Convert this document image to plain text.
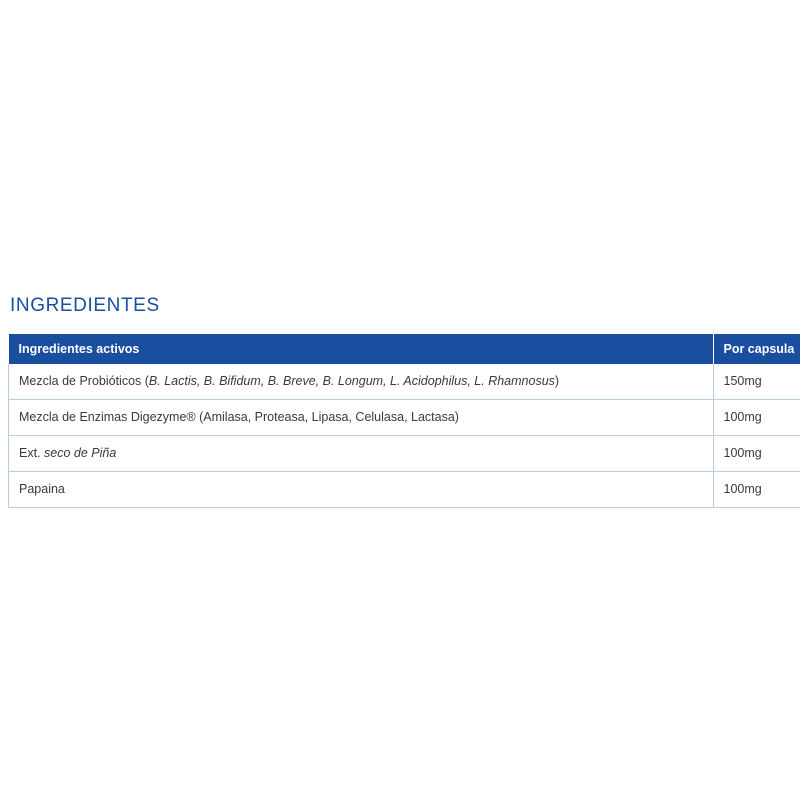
INGREDIENTES
Ingredientes activos	Por capsula
Mezcla de Probióticos (B. Lactis, B. Bifidum, B. Breve, B. Longum, L. Acidophilus, L. Rhamnosus)	150mg
Mezcla de Enzimas Digezyme® (Amilasa, Proteasa, Lipasa, Celulasa, Lactasa)	100mg
Ext. seco de Piña	100mg
Papaina	100mg
